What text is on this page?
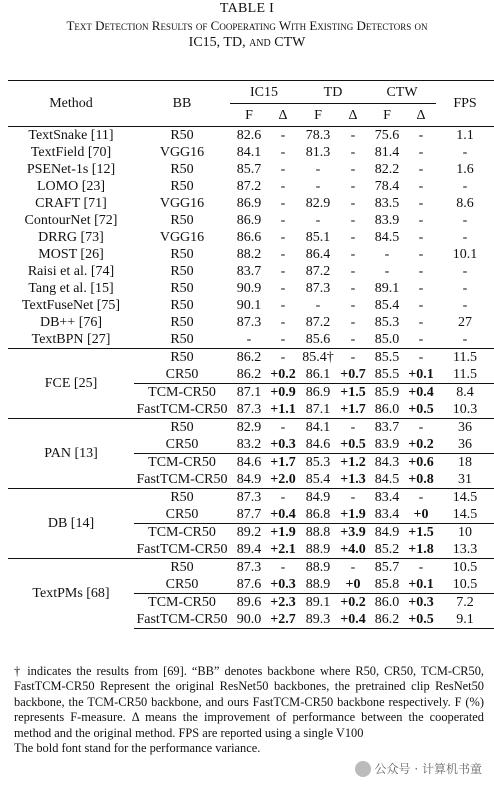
TABLE I
Text Detection Results of Cooperating With Existing Detectors on
IC15, TD, and CTW
Method	BB	IC15		TD		CTW		FPS
		F	Δ	F	Δ	F	Δ	
TextSnake [11]	R50	82.6	-	78.3	-	75.6	-	1.1
TextField [70]	VGG16	84.1	-	81.3	-	81.4	-	-
PSENet-1s [12]	R50	85.7	-	-	-	82.2	-	1.6
LOMO [23]	R50	87.2	-	-	-	78.4	-	-
CRAFT [71]	VGG16	86.9	-	82.9	-	83.5	-	8.6
ContourNet [72]	R50	86.9	-	-	-	83.9	-	-
DRRG [73]	VGG16	86.6	-	85.1	-	84.5	-	-
MOST [26]	R50	88.2	-	86.4	-	-	-	10.1
Raisi et al. [74]	R50	83.7	-	87.2	-	-	-	-
Tang et al. [15]	R50	90.9	-	87.3	-	89.1	-	-
TextFuseNet [75]	R50	90.1	-	-	-	85.4	-	-
DB++ [76]	R50	87.3	-	87.2	-	85.3	-	27
TextBPN [27]	R50	-	-	85.6	-	85.0	-	-
FCE [25]	R50	86.2	-	85.4†	-	85.5	-	11.5
	CR50	86.2	+0.2	86.1	+0.7	85.5	+0.1	11.5
	TCM-CR50	87.1	+0.9	86.9	+1.5	85.9	+0.4	8.4
	FastTCM-CR50	87.3	+1.1	87.1	+1.7	86.0	+0.5	10.3
PAN [13]	R50	82.9	-	84.1	-	83.7	-	36
	CR50	83.2	+0.3	84.6	+0.5	83.9	+0.2	36
	TCM-CR50	84.6	+1.7	85.3	+1.2	84.3	+0.6	18
	FastTCM-CR50	84.9	+2.0	85.4	+1.3	84.5	+0.8	31
DB [14]	R50	87.3	-	84.9	-	83.4	-	14.5
	CR50	87.7	+0.4	86.8	+1.9	83.4	+0	14.5
	TCM-CR50	89.2	+1.9	88.8	+3.9	84.9	+1.5	10
	FastTCM-CR50	89.4	+2.1	88.9	+4.0	85.2	+1.8	13.3
TextPMs [68]	R50	87.3	-	88.9	-	85.7	-	10.5
	CR50	87.6	+0.3	88.9	+0	85.8	+0.1	10.5
	TCM-CR50	89.6	+2.3	89.1	+0.2	86.0	+0.3	7.2
	FastTCM-CR50	90.0	+2.7	89.3	+0.4	86.2	+0.5	9.1

† indicates the results from [69]. “BB” denotes backbone where R50, CR50, TCM-CR50, FastTCM-CR50 Represent the original ResNet50 backbones, the pretrained clip ResNet50 backbone, the TCM-CR50 backbone, and ours FastTCM-CR50 backbone respectively. F (%) represents F-measure. Δ means the improvement of performance between the cooperated method and the original method. FPS are reported using a single V100

The bold font stand for the performance variance.

公众号 · 计算机书童
